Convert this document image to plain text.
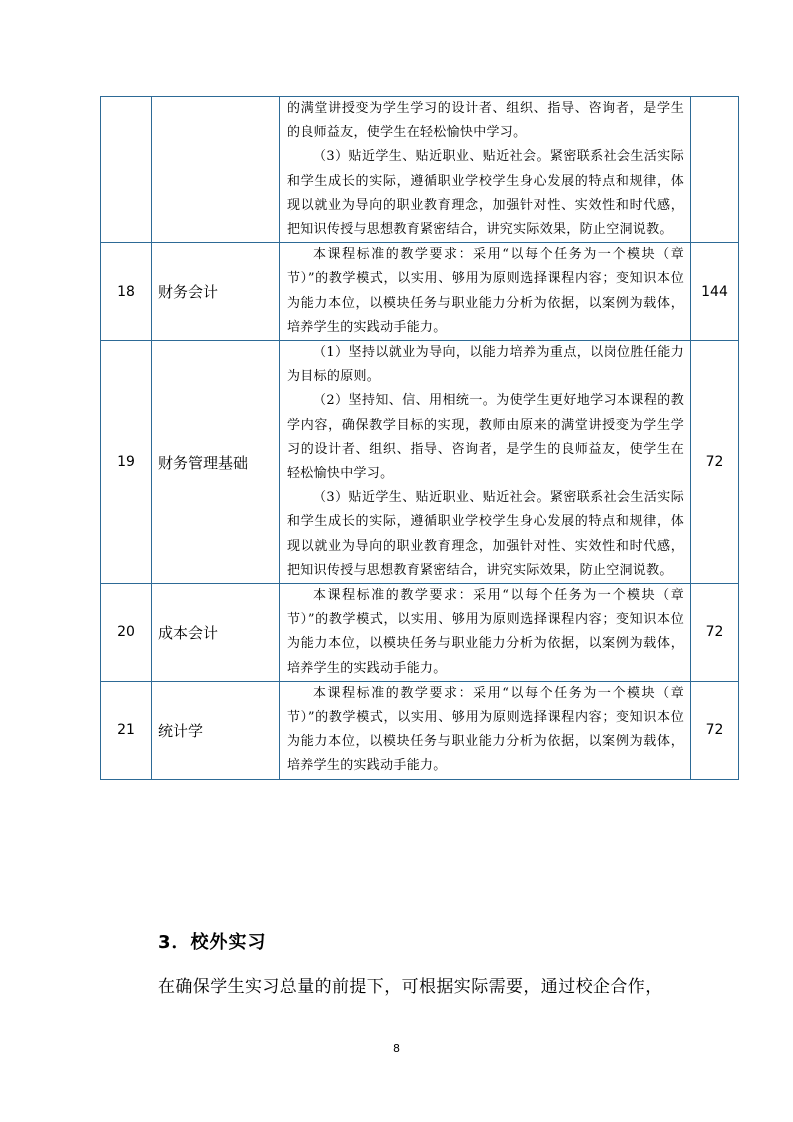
		的满堂讲授变为学生学习的设计者、组织、指导、咨询者，是学生的良师益友，使学生在轻松愉快中学习。

（3）贴近学生、贴近职业、贴近社会。紧密联系社会生活实际和学生成长的实际，遵循职业学校学生身心发展的特点和规律，体现以就业为导向的职业教育理念，加强针对性、实效性和时代感，把知识传授与思想教育紧密结合，讲究实际效果，防止空洞说教。	

18	财务会计	本课程标准的教学要求：采用“以每个任务为一个模块（章节）”的教学模式，以实用、够用为原则选择课程内容；变知识本位为能力本位，以模块任务与职业能力分析为依据，以案例为载体，培养学生的实践动手能力。	144
19	财务管理基础	（1）坚持以就业为导向，以能力培养为重点，以岗位胜任能力为目标的原则。

（2）坚持知、信、用相统一。为使学生更好地学习本课程的教学内容，确保教学目标的实现，教师由原来的满堂讲授变为学生学习的设计者、组织、指导、咨询者，是学生的良师益友，使学生在轻松愉快中学习。

（3）贴近学生、贴近职业、贴近社会。紧密联系社会生活实际和学生成长的实际，遵循职业学校学生身心发展的特点和规律，体现以就业为导向的职业教育理念，加强针对性、实效性和时代感，把知识传授与思想教育紧密结合，讲究实际效果，防止空洞说教。	72
20	成本会计	本课程标准的教学要求：采用“以每个任务为一个模块（章节）”的教学模式，以实用、够用为原则选择课程内容；变知识本位为能力本位，以模块任务与职业能力分析为依据，以案例为载体，培养学生的实践动手能力。	72
21	统计学	本课程标准的教学要求：采用“以每个任务为一个模块（章节）”的教学模式，以实用、够用为原则选择课程内容；变知识本位为能力本位，以模块任务与职业能力分析为依据，以案例为载体，培养学生的实践动手能力。	72
3．校外实习
在确保学生实习总量的前提下，可根据实际需要，通过校企合作，
8
